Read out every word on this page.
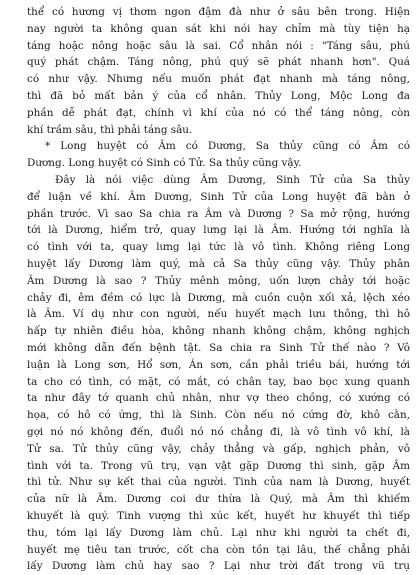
thể có hương vị thơm ngon đậm đà như ở sâu bên trong. Hiện
nay người ta không quan sát khi nói hay chỉm mà tùy tiện hạ
táng hoặc nông hoặc sâu là sai. Cổ nhân nói : "Táng sâu, phú
quý phát chậm. Táng nông, phú quý sẽ phát nhanh hơn". Quá
có như vậy. Nhưng nếu muốn phát đạt nhanh mà táng nông,
thì đã bỏ mất bản ý của cổ nhân. Thủy Long, Mộc Long đa
phần dễ phát đạt, chính vì khí của nó có thể táng nông, còn
khí trầm sâu, thì phải táng sâu.
* Long huyệt có Âm có Dương, Sa thủy cũng có Âm có
Dương. Long huyệt có Sinh có Tử. Sa thủy cũng vậy.
Đây là nói việc dùng Âm Dương, Sinh Tử của Sa thủy
để luận về khí. Âm Dương, Sinh Tử của Long huyệt đã bàn ở
phần trước. Vì sao Sa chia ra Âm và Dương ? Sa mở rộng, hướng
tới là Dương, hiểm trở, quay lưng lại là Âm. Hướng tới nghĩa là
có tình với ta, quay lưng lại tức là vô tình. Không riêng Long
huyệt lấy Dương làm quý, mà cả Sa thủy cũng vậy. Thủy phân
Âm Dương là sao ? Thủy mênh mông, uốn lượn chảy tới hoặc
chảy đi, êm đềm có lực là Dương, mà cuồn cuộn xối xả, lệch xéo
là Âm. Ví dụ như con người, nếu huyết mạch lưu thông, thì hô
hấp tự nhiên điều hòa, không nhanh không chậm, không nghịch
mới không dẫn đến bệnh tật. Sa chia ra Sinh Tử thế nào ? Vô
luận là Long sơn, Hổ sơn, Án sơn, cần phải triều bái, hướng tới
ta cho có tình, có mặt, có mắt, có chân tay, bao bọc xung quanh
ta như đây tớ quanh chủ nhân, như vợ theo chồng, có xướng có
họa, có hô có ứng, thì là Sinh. Còn nếu nó cứng đờ, khô cằn,
gợi nó nó không đến, đuổi nó nó chẳng đi, là vô tình vô khí, là
Tử sa. Tử thủy cũng vậy, chảy thẳng và gấp, nghịch phản, vô
tình với ta. Trong vũ trụ, vạn vật gặp Dương thì sinh, gặp Âm
thì tử. Như sự kết thai của người. Tinh của nam là Dương, huyết
của nữ là Âm. Dương coi dư thừa là Quý, mà Âm thì khiếm
khuyết là quý. Tinh vượng thì xúc kết, huyết hư khuyết thì tiếp
thu, tóm lại lấy Dương làm chủ. Lại như khi người ta chết đi,
huyết mẹ tiêu tan trước, cốt cha còn tồn tại lâu, thế chẳng phải
lấy Dương làm chủ hay sao ? Lại như trời đất trong vũ trụ
